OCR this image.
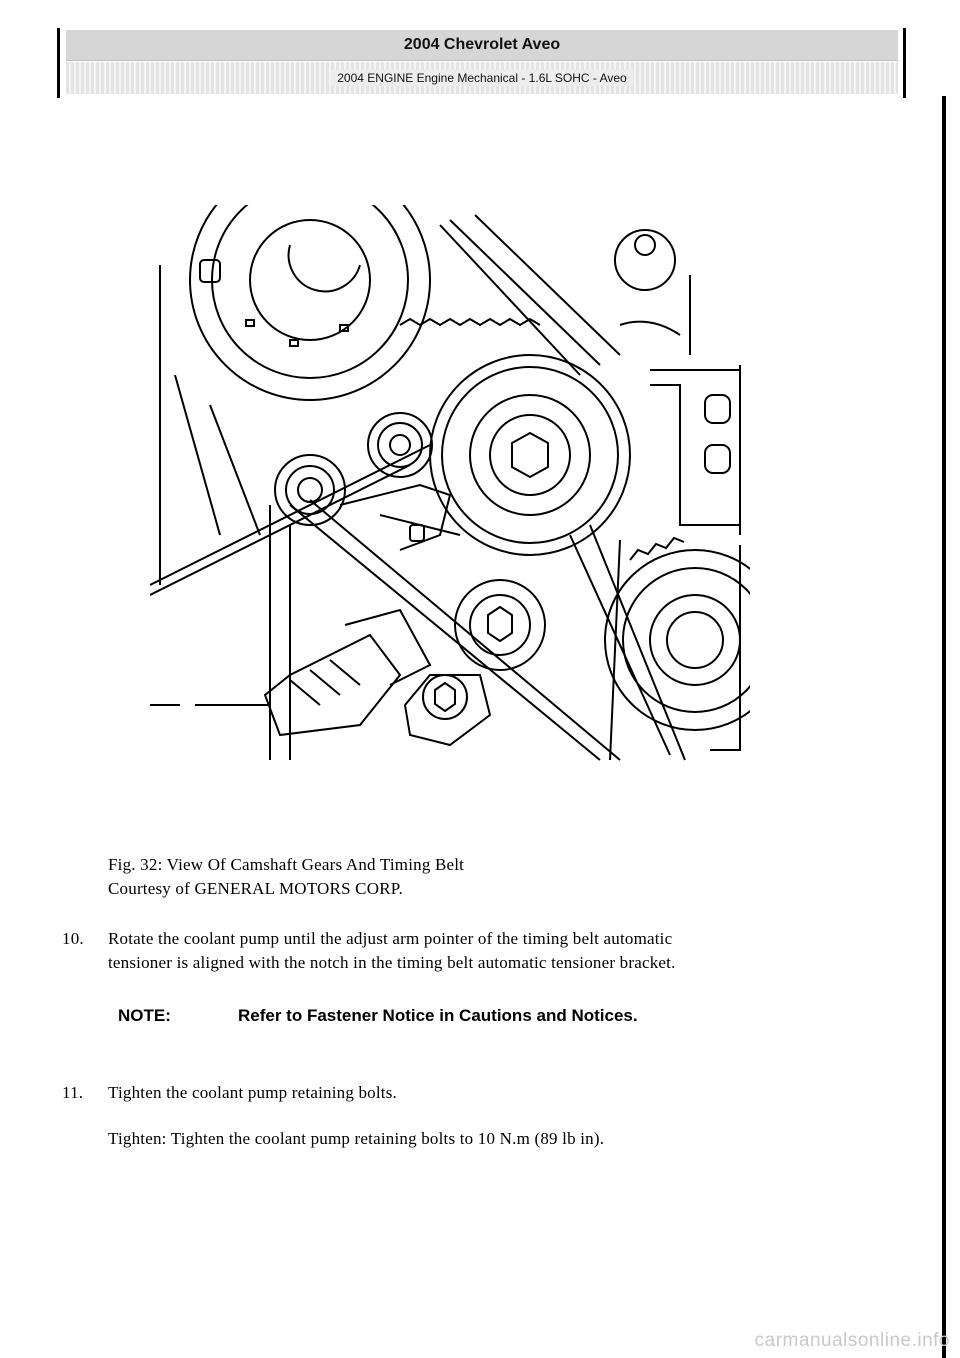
2004 Chevrolet Aveo
2004 ENGINE Engine Mechanical - 1.6L SOHC - Aveo
Fig. 32: View Of Camshaft Gears And Timing Belt
Courtesy of GENERAL MOTORS CORP.
10. Rotate the coolant pump until the adjust arm pointer of the timing belt automatic
tensioner is aligned with the notch in the timing belt automatic tensioner bracket.
NOTE:	Refer to Fastener Notice in Cautions and Notices.
11. Tighten the coolant pump retaining bolts.
Tighten: Tighten the coolant pump retaining bolts to 10 N.m (89 lb in).
carmanualsonline.info
